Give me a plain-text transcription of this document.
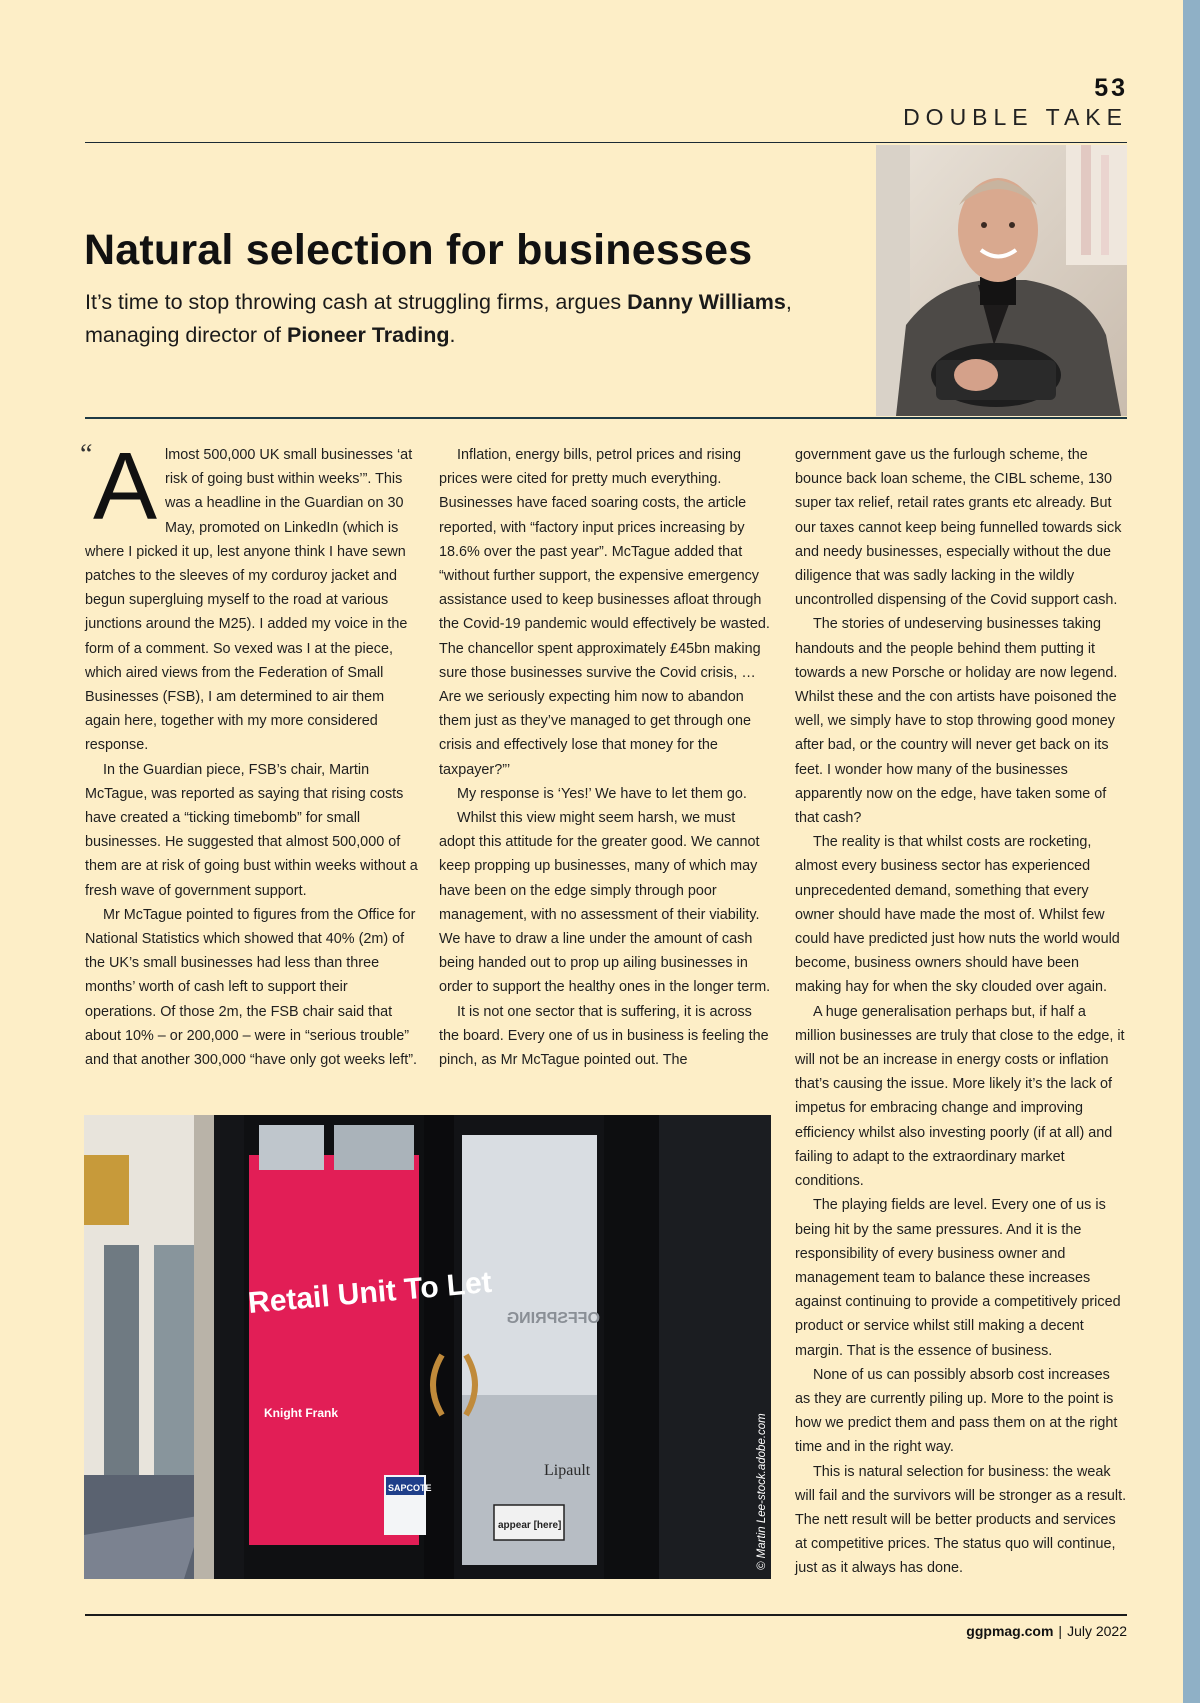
53
DOUBLE TAKE
Natural selection for businesses

It’s time to stop throwing cash at struggling firms, argues Danny Williams, managing director of Pioneer Trading.

“ Almost 500,000 UK small businesses ‘at risk of going bust within weeks’”. This was a headline in the Guardian on 30 May, promoted on LinkedIn (which is where I picked it up, lest anyone think I have sewn patches to the sleeves of my corduroy jacket and begun supergluing myself to the road at various junctions around the M25). I added my voice in the form of a comment. So vexed was I at the piece, which aired views from the Federation of Small Businesses (FSB), I am determined to air them again here, together with my more considered response.

In the Guardian piece, FSB’s chair, Martin McTague, was reported as saying that rising costs have created a “ticking timebomb” for small businesses. He suggested that almost 500,000 of them are at risk of going bust within weeks without a fresh wave of government support.

Mr McTague pointed to figures from the Office for National Statistics which showed that 40% (2m) of the UK’s small businesses had less than three months’ worth of cash left to support their operations. Of those 2m, the FSB chair said that about 10% – or 200,000 – were in “serious trouble” and that another 300,000 “have only got weeks left”.

Inflation, energy bills, petrol prices and rising prices were cited for pretty much everything. Businesses have faced soaring costs, the article reported, with “factory input prices increasing by 18.6% over the past year”. McTague added that “without further support, the expensive emergency assistance used to keep businesses afloat through the Covid-19 pandemic would effectively be wasted. The chancellor spent approximately £45bn making sure those businesses survive the Covid crisis, … Are we seriously expecting him now to abandon them just as they’ve managed to get through one crisis and effectively lose that money for the taxpayer?”’

My response is ‘Yes!’ We have to let them go.

Whilst this view might seem harsh, we must adopt this attitude for the greater good. We cannot keep propping up businesses, many of which may have been on the edge simply through poor management, with no assessment of their viability. We have to draw a line under the amount of cash being handed out to prop up ailing businesses in order to support the healthy ones in the longer term.

It is not one sector that is suffering, it is across the board. Every one of us in business is feeling the pinch, as Mr McTague pointed out. The

government gave us the furlough scheme, the bounce back loan scheme, the CIBL scheme, 130 super tax relief, retail rates grants etc already. But our taxes cannot keep being funnelled towards sick and needy businesses, especially without the due diligence that was sadly lacking in the wildly uncontrolled dispensing of the Covid support cash.

The stories of undeserving businesses taking handouts and the people behind them putting it towards a new Porsche or holiday are now legend. Whilst these and the con artists have poisoned the well, we simply have to stop throwing good money after bad, or the country will never get back on its feet. I wonder how many of the businesses apparently now on the edge, have taken some of that cash?

The reality is that whilst costs are rocketing, almost every business sector has experienced unprecedented demand, something that every owner should have made the most of. Whilst few could have predicted just how nuts the world would become, business owners should have been making hay for when the sky clouded over again.

A huge generalisation perhaps but, if half a million businesses are truly that close to the edge, it will not be an increase in energy costs or inflation that’s causing the issue. More likely it’s the lack of impetus for embracing change and improving efficiency whilst also investing poorly (if at all) and failing to adapt to the extraordinary market conditions.

The playing fields are level. Every one of us is being hit by the same pressures. And it is the responsibility of every business owner and management team to balance these increases against continuing to provide a competitively priced product or service whilst still making a decent margin. That is the essence of business.

None of us can possibly absorb cost increases as they are currently piling up. More to the point is how we predict them and pass them on at the right time and in the right way.

This is natural selection for business: the weak will fail and the survivors will be stronger as a result. The nett result will be better products and services at competitive prices. The status quo will continue, just as it always has done.

Retail Unit To Let
Knight Frank
OFFSPRING
Lipault
SAPCOTE
appear [here]	© Martin Lee-stock.adobe.com
ggpmag.com | July 2022
